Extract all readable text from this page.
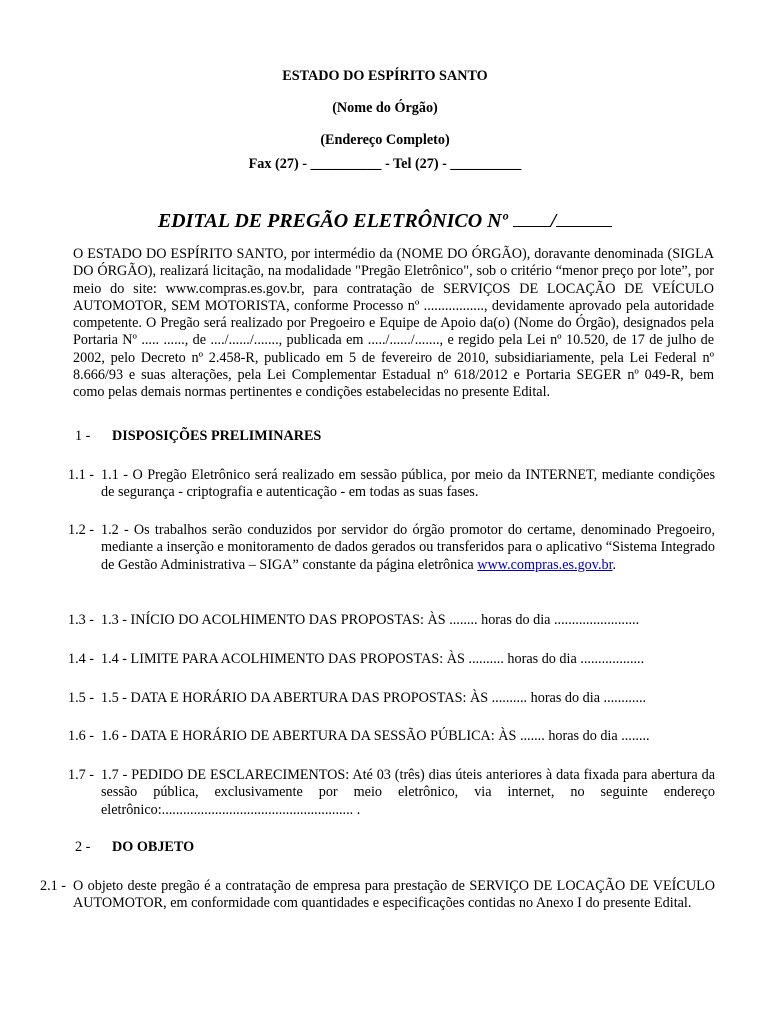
ESTADO DO ESPÍRITO SANTO
(Nome do Órgão)
(Endereço Completo)
Fax (27) - __________ - Tel (27) - __________
EDITAL DE PREGÃO ELETRÔNICO Nº /
O ESTADO DO ESPÍRITO SANTO, por intermédio da (NOME DO ÓRGÃO), doravante denominada (SIGLA DO ÓRGÃO), realizará licitação, na modalidade "Pregão Eletrônico", sob o critério “menor preço por lote”, por meio do site: www.compras.es.gov.br, para contratação de SERVIÇOS DE LOCAÇÃO DE VEÍCULO AUTOMOTOR, SEM MOTORISTA, conforme Processo nº ................., devidamente aprovado pela autoridade competente. O Pregão será realizado por Pregoeiro e Equipe de Apoio da(o) (Nome do Órgão), designados pela Portaria Nº ..... ......, de ..../....../......., publicada em ...../....../......., e regido pela Lei nº 10.520, de 17 de julho de 2002, pelo Decreto nº 2.458-R, publicado em 5 de fevereiro de 2010, subsidiariamente, pela Lei Federal nº 8.666/93 e suas alterações, pela Lei Complementar Estadual nº 618/2012 e Portaria SEGER nº 049-R, bem como pelas demais normas pertinentes e condições estabelecidas no presente Edital.
1 - DISPOSIÇÕES PRELIMINARES
1.1 - 1.1 - O Pregão Eletrônico será realizado em sessão pública, por meio da INTERNET, mediante condições de segurança - criptografia e autenticação - em todas as suas fases.
1.2 - 1.2 - Os trabalhos serão conduzidos por servidor do órgão promotor do certame, denominado Pregoeiro, mediante a inserção e monitoramento de dados gerados ou transferidos para o aplicativo “Sistema Integrado de Gestão Administrativa – SIGA” constante da página eletrônica www.compras.es.gov.br.
1.3 - 1.3 - INÍCIO DO ACOLHIMENTO DAS PROPOSTAS: ÀS ........ horas do dia ........................
1.4 - 1.4 - LIMITE PARA ACOLHIMENTO DAS PROPOSTAS: ÀS .......... horas do dia ..................
1.5 - 1.5 - DATA E HORÁRIO DA ABERTURA DAS PROPOSTAS: ÀS .......... horas do dia ............
1.6 - 1.6 - DATA E HORÁRIO DE ABERTURA DA SESSÃO PÚBLICA: ÀS ....... horas do dia ........
1.7 - 1.7 - PEDIDO DE ESCLARECIMENTOS: Até 03 (três) dias úteis anteriores à data fixada para abertura da sessão pública, exclusivamente por meio eletrônico, via internet, no seguinte endereço eletrônico:...................................................... .
2 - DO OBJETO
2.1 - O objeto deste pregão é a contratação de empresa para prestação de SERVIÇO DE LOCAÇÃO DE VEÍCULO AUTOMOTOR, em conformidade com quantidades e especificações contidas no Anexo I do presente Edital.
